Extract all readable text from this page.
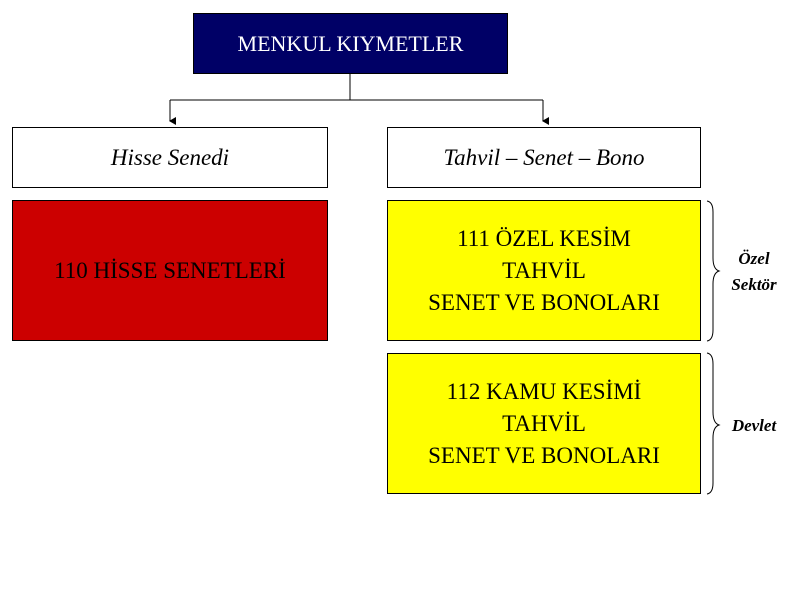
MENKUL KIYMETLER
Hisse Senedi	Tahvil – Senet – Bono
110 HİSSE SENETLERİ
111 ÖZEL KESİM
TAHVİL
SENET VE BONOLARI
112 KAMU KESİMİ
TAHVİL
SENET VE BONOLARI
Özel
Sektör
Devlet
